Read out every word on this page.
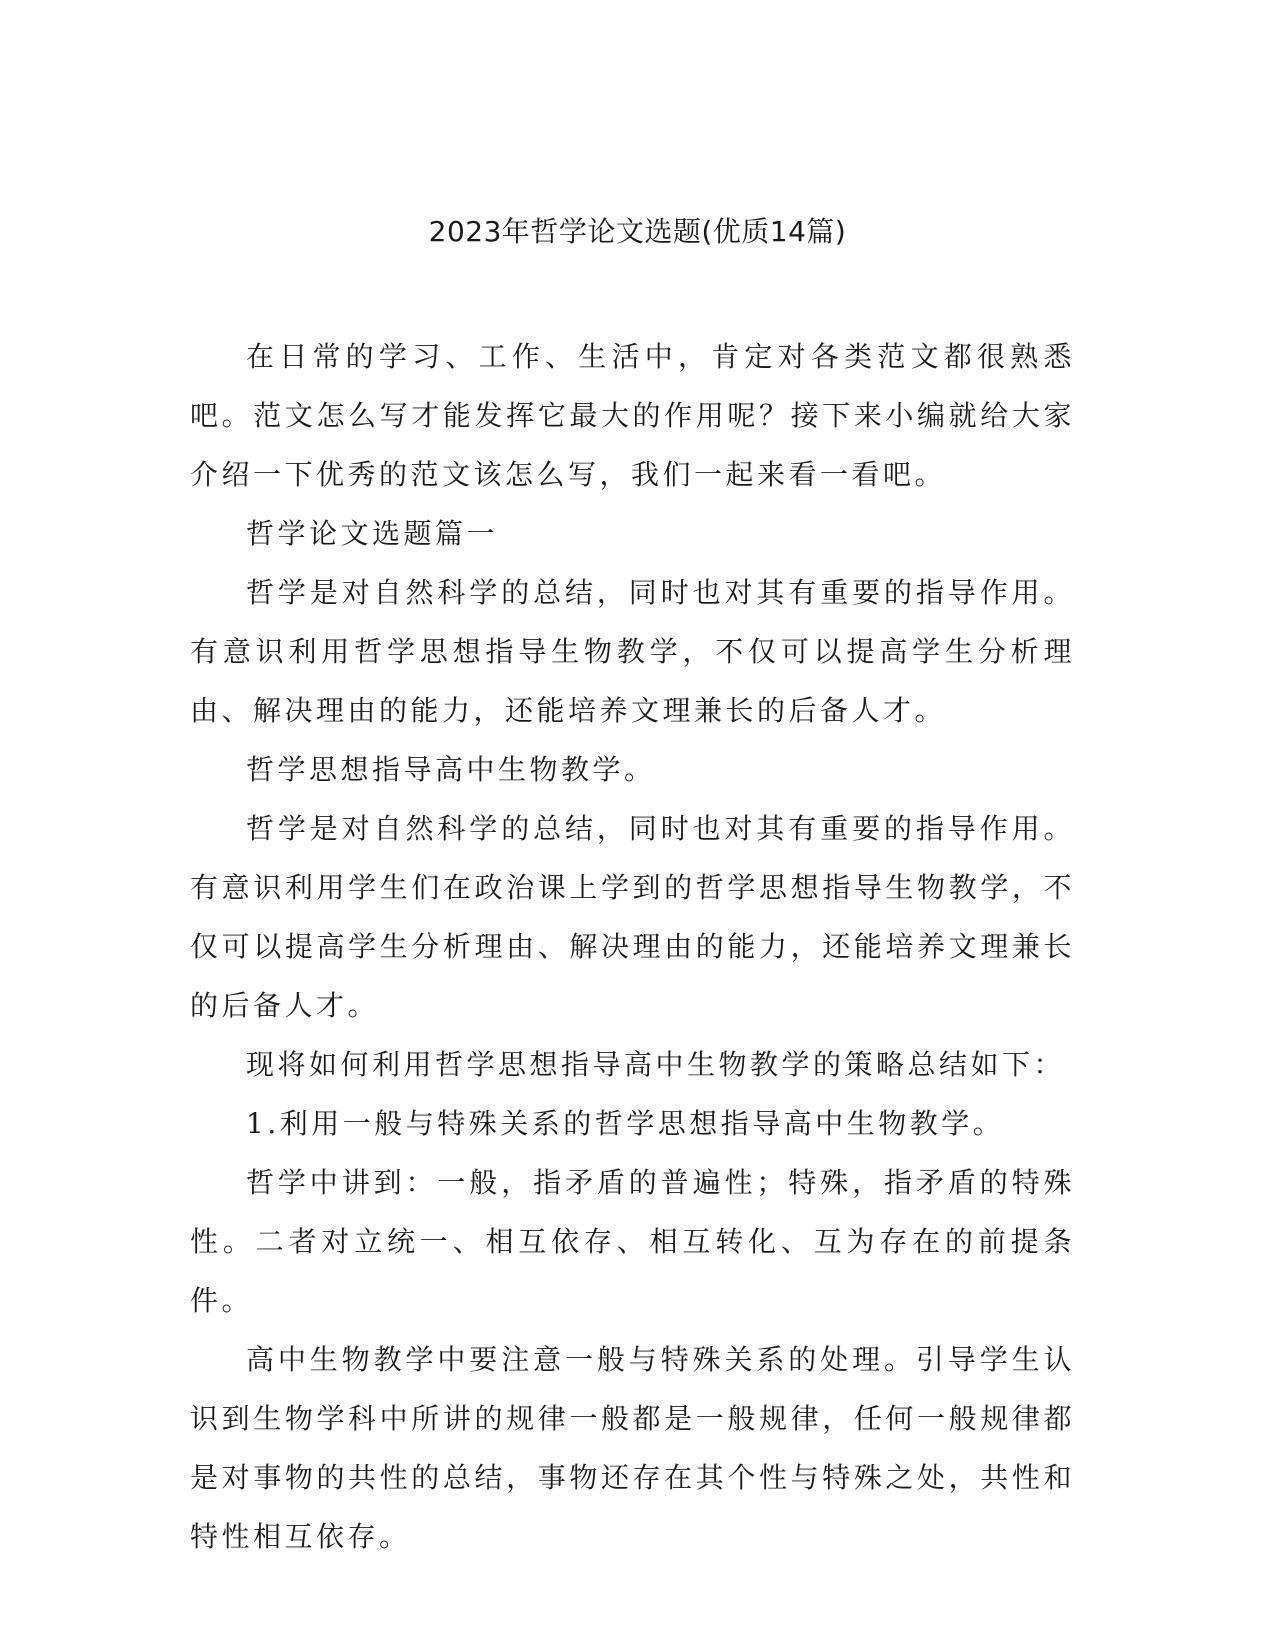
2023年哲学论文选题(优质14篇)

在日常的学习、工作、生活中，肯定对各类范文都很熟悉吧。范文怎么写才能发挥它最大的作用呢？接下来小编就给大家介绍一下优秀的范文该怎么写，我们一起来看一看吧。

哲学论文选题篇一

哲学是对自然科学的总结，同时也对其有重要的指导作用。有意识利用哲学思想指导生物教学，不仅可以提高学生分析理由、解决理由的能力，还能培养文理兼长的后备人才。

哲学思想指导高中生物教学。

哲学是对自然科学的总结，同时也对其有重要的指导作用。有意识利用学生们在政治课上学到的哲学思想指导生物教学，不仅可以提高学生分析理由、解决理由的能力，还能培养文理兼长的后备人才。

现将如何利用哲学思想指导高中生物教学的策略总结如下：

1.利用一般与特殊关系的哲学思想指导高中生物教学。

哲学中讲到：一般，指矛盾的普遍性；特殊，指矛盾的特殊性。二者对立统一、相互依存、相互转化、互为存在的前提条件。

高中生物教学中要注意一般与特殊关系的处理。引导学生认识到生物学科中所讲的规律一般都是一般规律，任何一般规律都是对事物的共性的总结，事物还存在其个性与特殊之处，共性和特性相互依存。
